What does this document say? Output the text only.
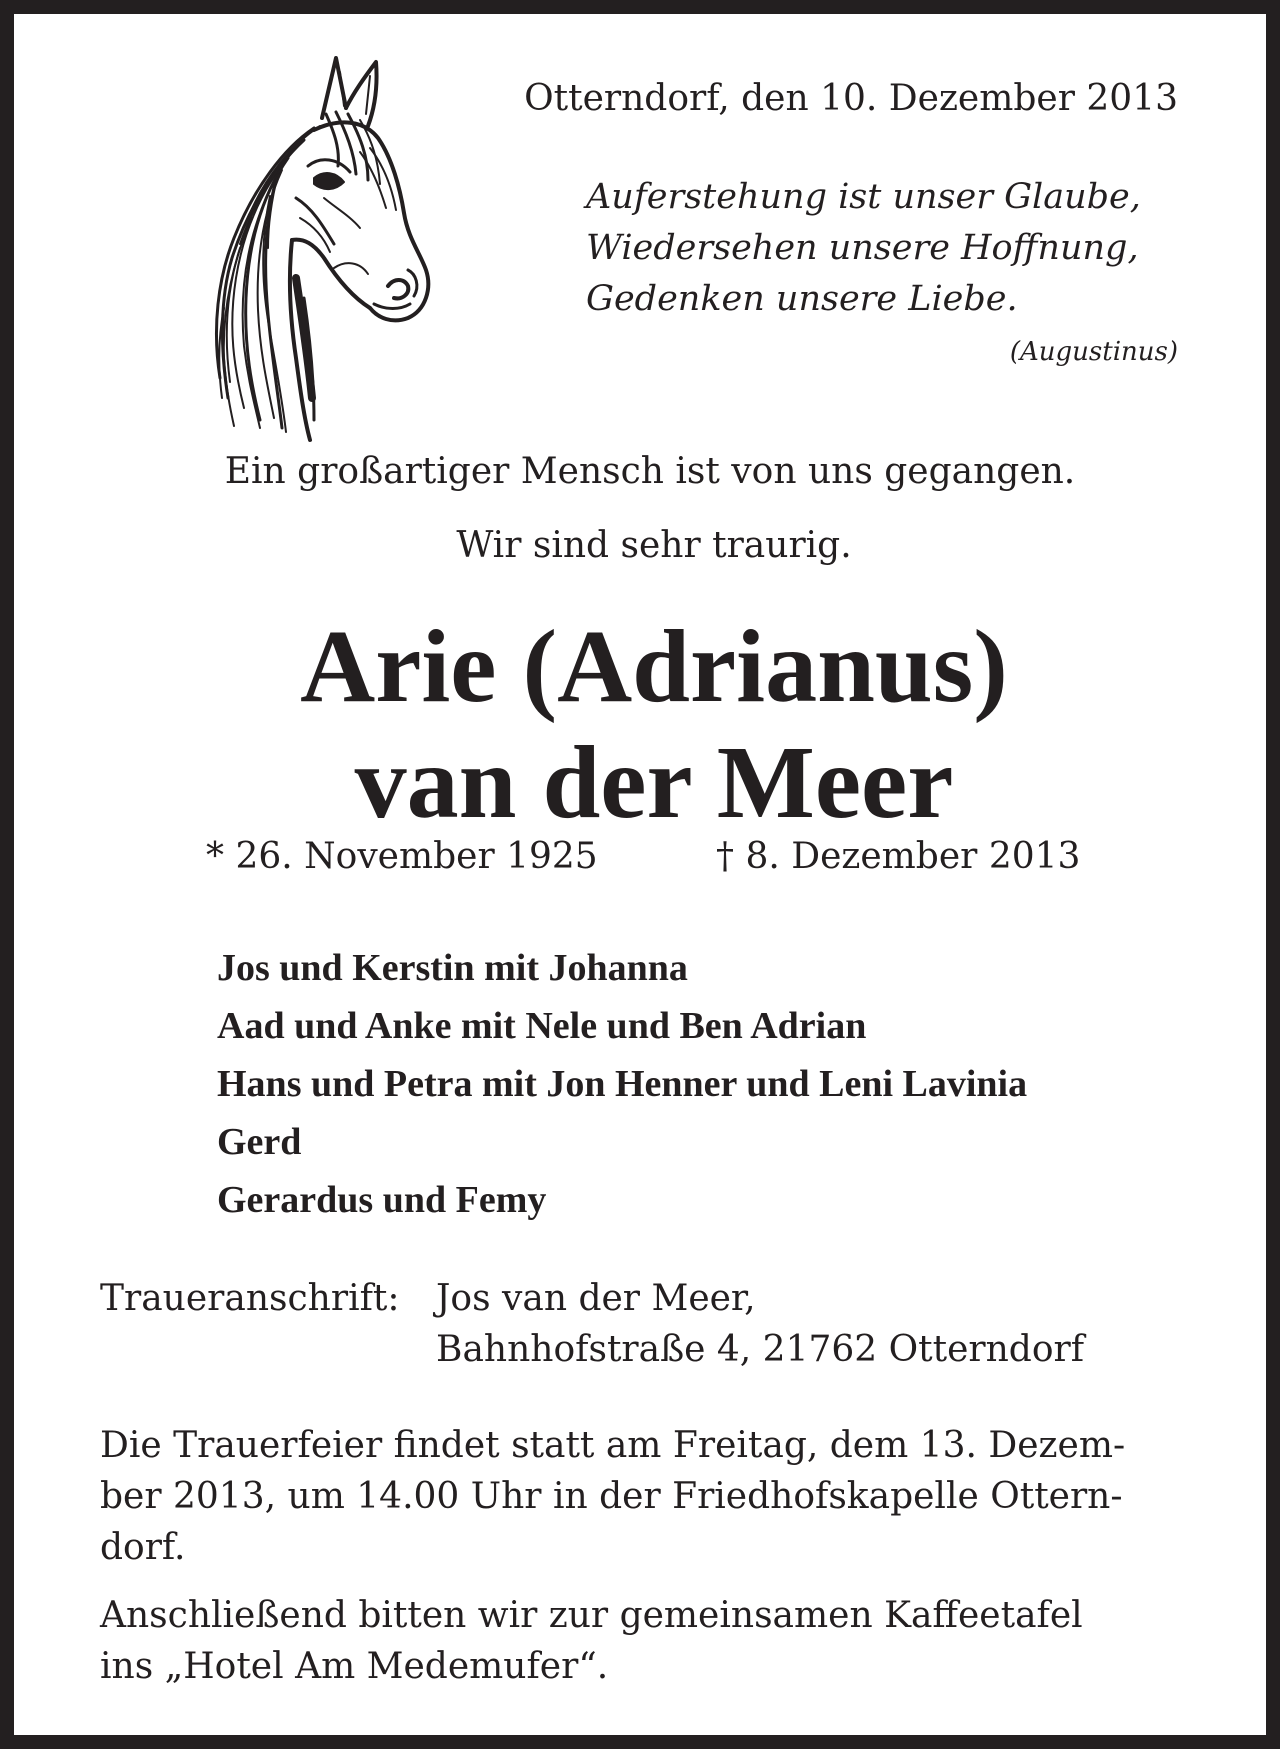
Otterndorf, den 10. Dezember 2013

Auferstehung ist unser Glaube,

Wiedersehen unsere Hoffnung,

Gedenken unsere Liebe.

(Augustinus)

Ein großartiger Mensch ist von uns gegangen.

Wir sind sehr traurig.

Arie (Adrianus)
van der Meer

* 26. November 1925	† 8. Dezember 2013

Jos und Kerstin mit Johanna
Aad und Anke mit Nele und Ben Adrian
Hans und Petra mit Jon Henner und Leni Lavinia
Gerd
Gerardus und Femy

Traueranschrift: Jos van der Meer,

Bahnhofstraße 4, 21762 Otterndorf

Die Trauerfeier findet statt am Freitag, dem 13. Dezem-

ber 2013, um 14.00 Uhr in der Friedhofskapelle Ottern-

dorf.

Anschließend bitten wir zur gemeinsamen Kaffeetafel

ins „Hotel Am Medemufer“.
